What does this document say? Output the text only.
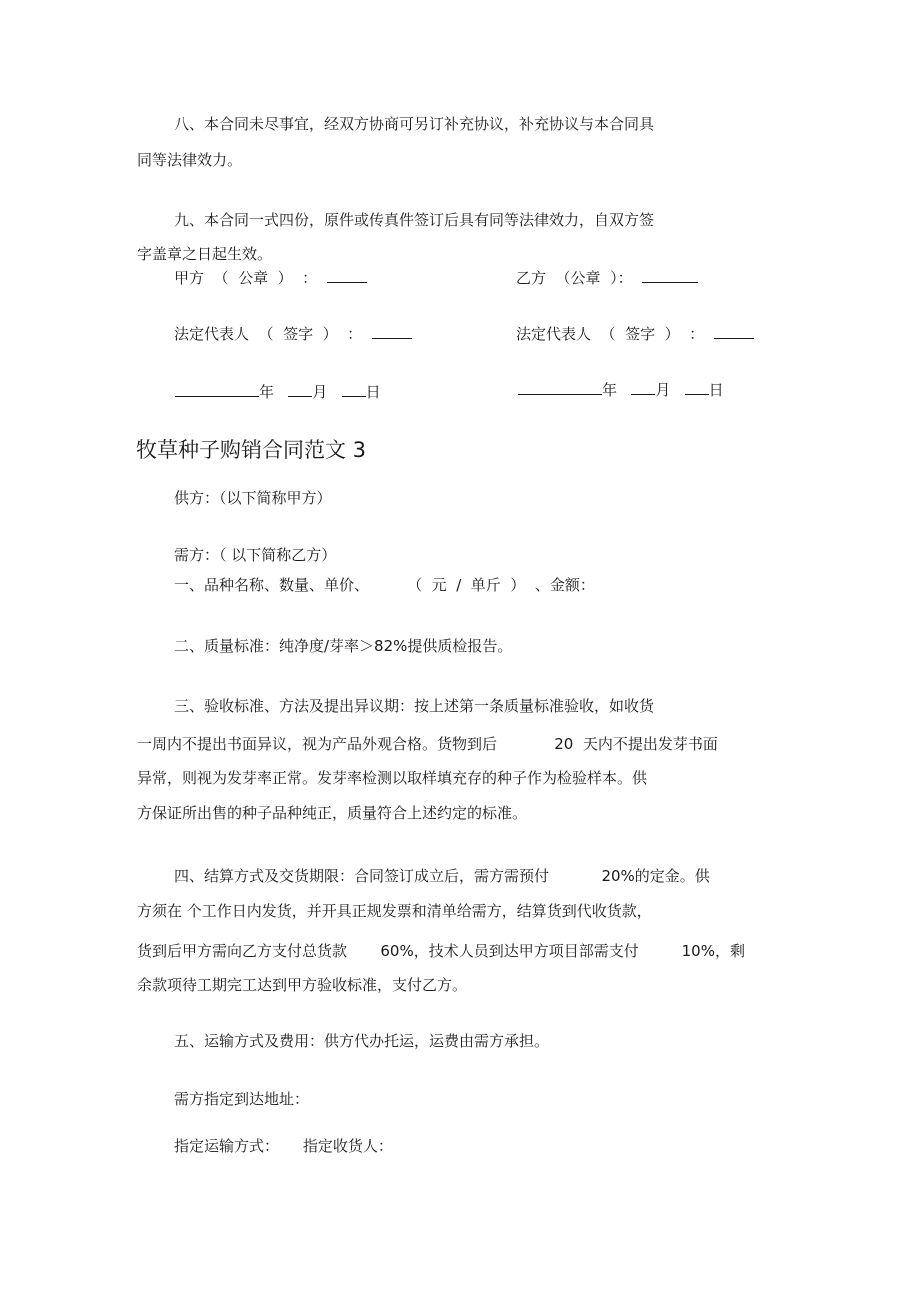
八、本合同未尽事宜，经双方协商可另订补充协议，补充协议与本合同具
同等法律效力。
九、本合同一式四份，原件或传真件签订后具有同等法律效力，自双方签
字盖章之日起生效。
甲方  （  公章  ）  ：	乙方  （公章  ）：
法定代表人  （  签字  ）  ：	法定代表人  （  签字  ）  ：
年	月	日	年	月	日
牧草种子购销合同范文 3
供方：（以下简称甲方）
需方：（ 以下简称乙方）
一、品种名称、数量、单价、        （  元  /  单斤  ）  、金额：
二、质量标准：纯净度/芽率＞82%提供质检报告。
三、验收标准、方法及提出异议期：按上述第一条质量标准验收，如收货
一周内不提出书面异议，视为产品外观合格。货物到后            20  天内不提出发芽书面
异常，则视为发芽率正常。发芽率检测以取样填充存的种子作为检验样本。供
方保证所出售的种子品种纯正，质量符合上述约定的标准。
四、结算方式及交货期限：合同签订成立后，需方需预付           20%的定金。供
方须在 个工作日内发货，并开具正规发票和清单给需方，结算货到代收货款，
货到后甲方需向乙方支付总货款       60%，技术人员到达甲方项目部需支付         10%，剩
余款项待工期完工达到甲方验收标准，支付乙方。
五、运输方式及费用：供方代办托运，运费由需方承担。
需方指定到达地址：
指定运输方式：     指定收货人：
